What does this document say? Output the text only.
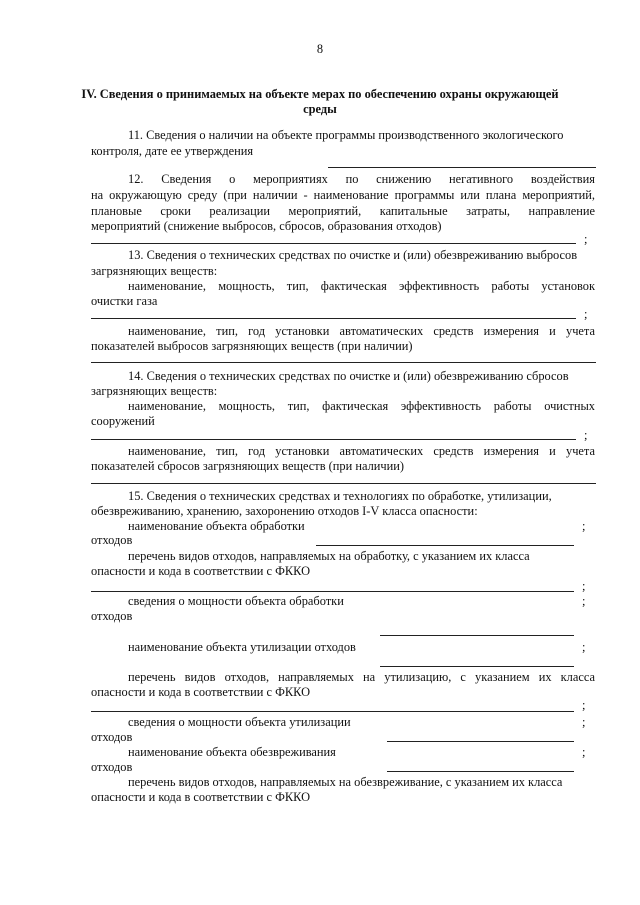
8
IV. Сведения о принимаемых на объекте мерах по обеспечению охраны окружающей
среды
11. Сведения о наличии на объекте программы производственного экологического
контроля, дате ее утверждения
12. Сведения о мероприятиях по снижению негативного воздействия
на окружающую среду (при наличии - наименование программы или плана мероприятий,
плановые сроки реализации мероприятий, капитальные затраты, направление
мероприятий (снижение выбросов, сбросов, образования отходов)
;
13. Сведения о технических средствах по очистке и (или) обезвреживанию выбросов
загрязняющих веществ:
наименование, мощность, тип, фактическая эффективность работы установок
очистки газа
;
наименование, тип, год установки автоматических средств измерения и учета
показателей выбросов загрязняющих веществ (при наличии)
14. Сведения о технических средствах по очистке и (или) обезвреживанию сбросов
загрязняющих веществ:
наименование, мощность, тип, фактическая эффективность работы очистных
сооружений
;
наименование, тип, год установки автоматических средств измерения и учета
показателей сбросов загрязняющих веществ (при наличии)
15. Сведения о технических средствах и технологиях по обработке, утилизации,
обезвреживанию, хранению, захоронению отходов I-V класса опасности:
наименование объекта обработки
отходов
;
перечень видов отходов, направляемых на обработку, с указанием их класса
опасности и кода в соответствии с ФККО
;
сведения о мощности объекта обработки
отходов
;
наименование объекта утилизации отходов	;
перечень видов отходов, направляемых на утилизацию, с указанием их класса
опасности и кода в соответствии с ФККО
;
сведения о мощности объекта утилизации
отходов
;
наименование объекта обезвреживания
отходов
;
перечень видов отходов, направляемых на обезвреживание, с указанием их класса
опасности и кода в соответствии с ФККО
